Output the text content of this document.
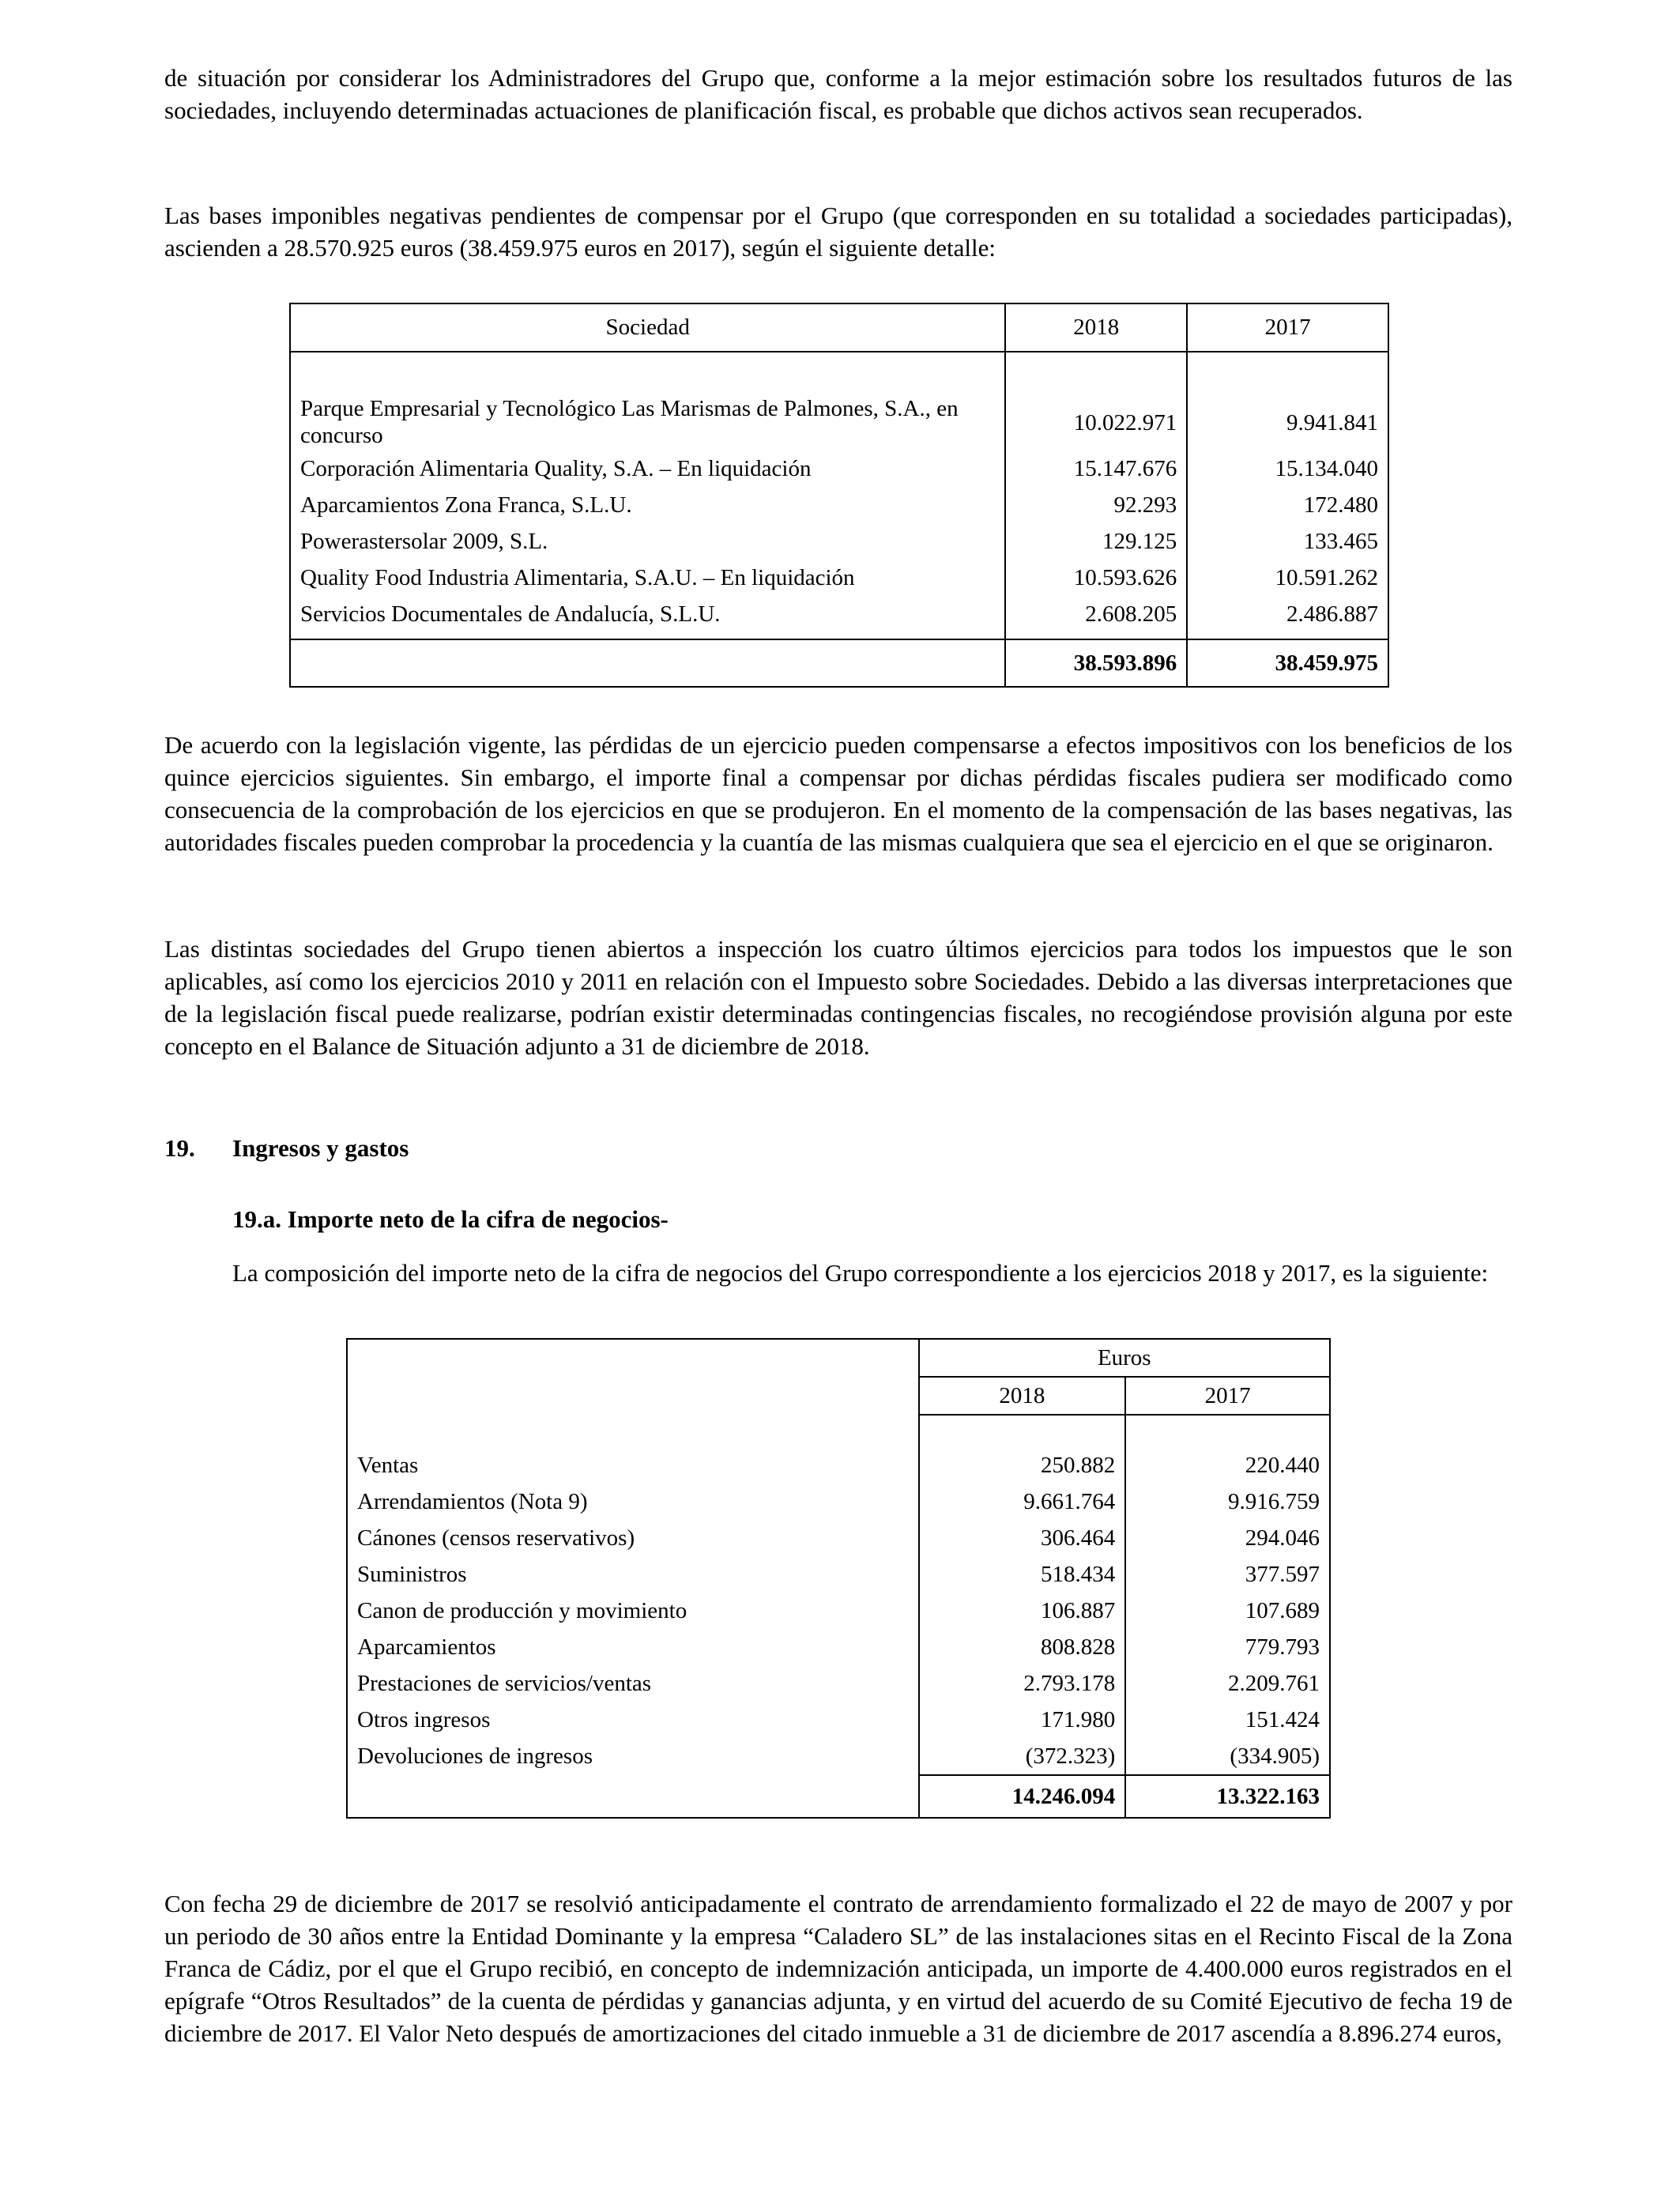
de situación por considerar los Administradores del Grupo que, conforme a la mejor estimación sobre los resultados futuros de las sociedades, incluyendo determinadas actuaciones de planificación fiscal, es probable que dichos activos sean recuperados.

Las bases imponibles negativas pendientes de compensar por el Grupo (que corresponden en su totalidad a sociedades participadas), ascienden a 28.570.925 euros (38.459.975 euros en 2017), según el siguiente detalle:

Sociedad	2018	2017

Parque Empresarial y Tecnológico Las Marismas de Palmones, S.A., en concurso	10.022.971	9.941.841
Corporación Alimentaria Quality, S.A. – En liquidación	15.147.676	15.134.040
Aparcamientos Zona Franca, S.L.U.	92.293	172.480
Powerastersolar 2009, S.L.	129.125	133.465
Quality Food Industria Alimentaria, S.A.U. – En liquidación	10.593.626	10.591.262
Servicios Documentales de Andalucía, S.L.U.	2.608.205	2.486.887
	38.593.896	38.459.975

De acuerdo con la legislación vigente, las pérdidas de un ejercicio pueden compensarse a efectos impositivos con los beneficios de los quince ejercicios siguientes. Sin embargo, el importe final a compensar por dichas pérdidas fiscales pudiera ser modificado como consecuencia de la comprobación de los ejercicios en que se produjeron. En el momento de la compensación de las bases negativas, las autoridades fiscales pueden comprobar la procedencia y la cuantía de las mismas cualquiera que sea el ejercicio en el que se originaron.

Las distintas sociedades del Grupo tienen abiertos a inspección los cuatro últimos ejercicios para todos los impuestos que le son aplicables, así como los ejercicios 2010 y 2011 en relación con el Impuesto sobre Sociedades. Debido a las diversas interpretaciones que de la legislación fiscal puede realizarse, podrían existir determinadas contingencias fiscales, no recogiéndose provisión alguna por este concepto en el Balance de Situación adjunto a 31 de diciembre de 2018.

19. Ingresos y gastos
19.a. Importe neto de la cifra de negocios-

La composición del importe neto de la cifra de negocios del Grupo correspondiente a los ejercicios 2018 y 2017, es la siguiente:

	Euros	
	2018	2017

Ventas	250.882	220.440
Arrendamientos (Nota 9)	9.661.764	9.916.759
Cánones (censos reservativos)	306.464	294.046
Suministros	518.434	377.597
Canon de producción y movimiento	106.887	107.689
Aparcamientos	808.828	779.793
Prestaciones de servicios/ventas	2.793.178	2.209.761
Otros ingresos	171.980	151.424
Devoluciones de ingresos	(372.323)	(334.905)
	14.246.094	13.322.163

Con fecha 29 de diciembre de 2017 se resolvió anticipadamente el contrato de arrendamiento formalizado el 22 de mayo de 2007 y por un periodo de 30 años entre la Entidad Dominante y la empresa “Caladero SL” de las instalaciones sitas en el Recinto Fiscal de la Zona Franca de Cádiz, por el que el Grupo recibió, en concepto de indemnización anticipada, un importe de 4.400.000 euros registrados en el epígrafe “Otros Resultados” de la cuenta de pérdidas y ganancias adjunta, y en virtud del acuerdo de su Comité Ejecutivo de fecha 19 de diciembre de 2017. El Valor Neto después de amortizaciones del citado inmueble a 31 de diciembre de 2017 ascendía a 8.896.274 euros,
